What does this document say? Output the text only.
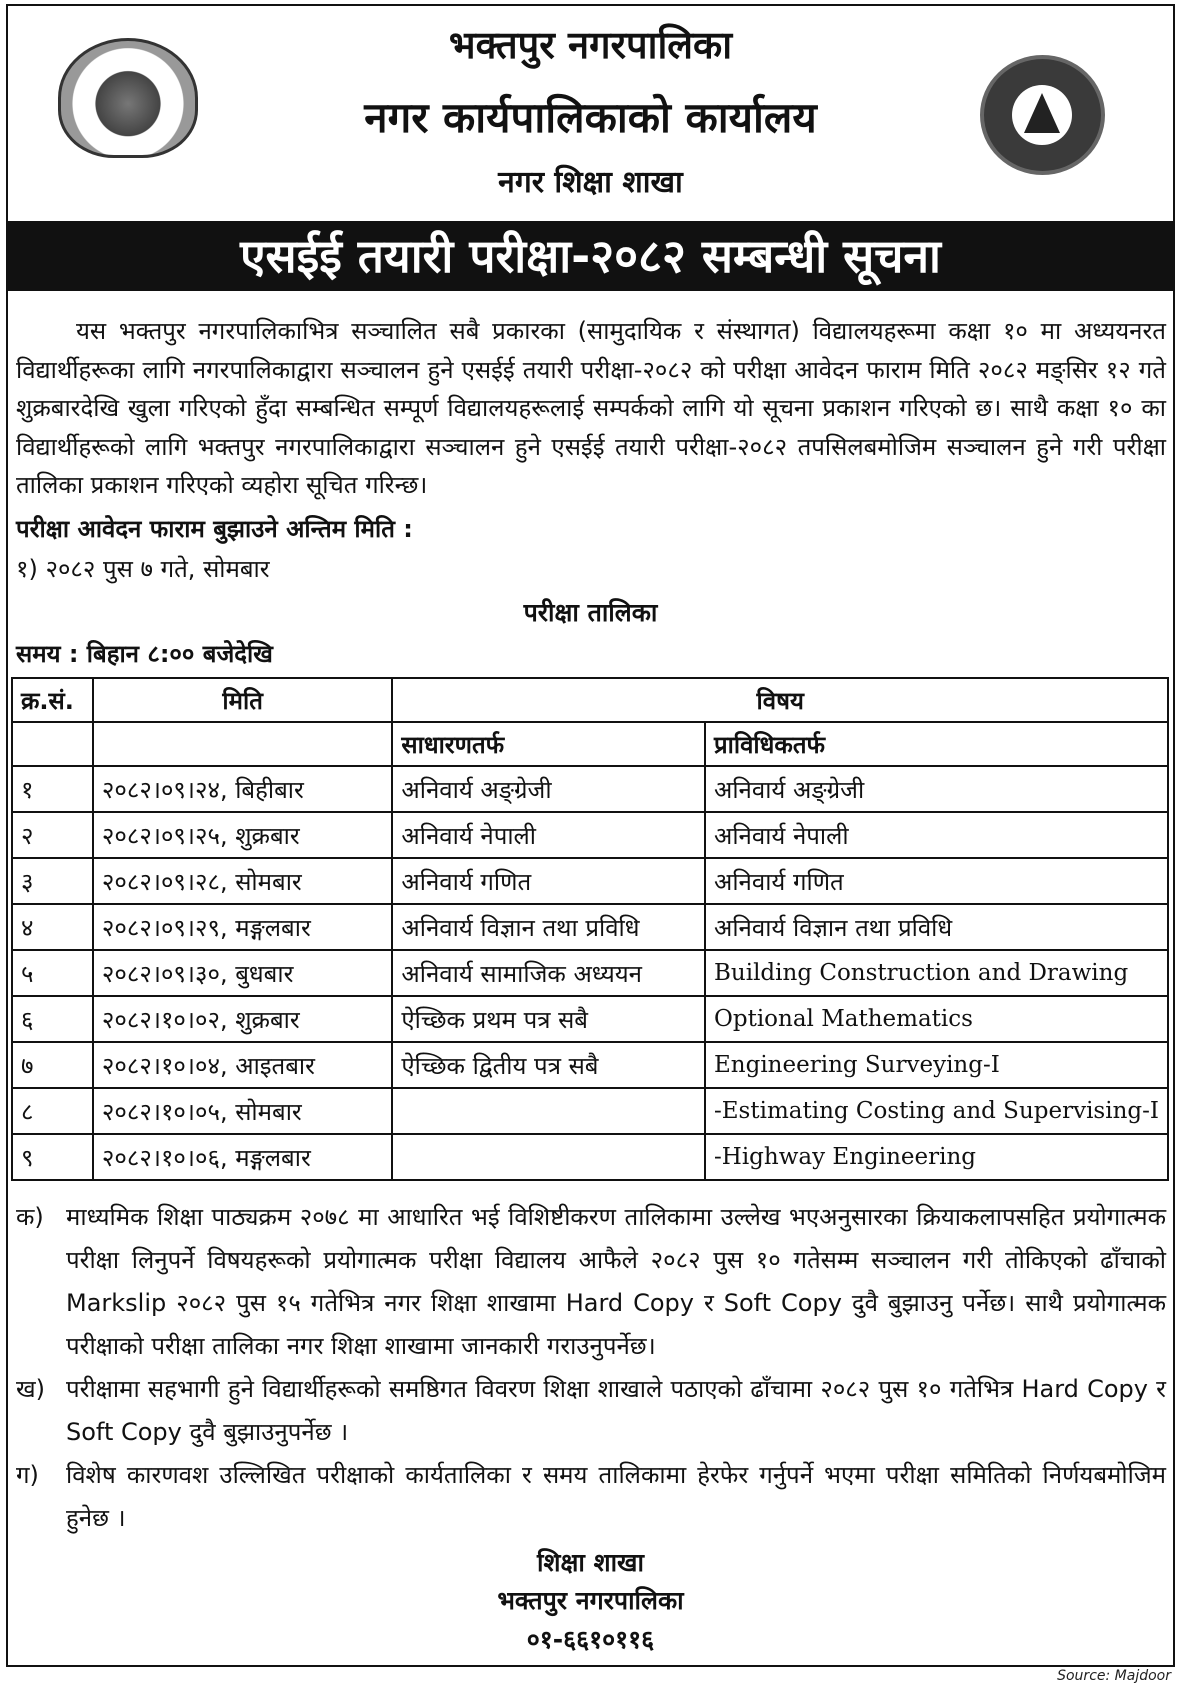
भक्तपुर नगरपालिका
नगर कार्यपालिकाको कार्यालय
नगर शिक्षा शाखा
एसईई तयारी परीक्षा-२०८२ सम्बन्धी सूचना
यस भक्तपुर नगरपालिकाभित्र सञ्चालित सबै प्रकारका (सामुदायिक र संस्थागत) विद्यालयहरूमा कक्षा १० मा अध्ययनरत विद्यार्थीहरूका लागि नगरपालिकाद्वारा सञ्चालन हुने एसईई तयारी परीक्षा-२०८२ को परीक्षा आवेदन फाराम मिति २०८२ मङ्सिर १२ गते शुक्रबारदेखि खुला गरिएको हुँदा सम्बन्धित सम्पूर्ण विद्यालयहरूलाई सम्पर्कको लागि यो सूचना प्रकाशन गरिएको छ। साथै कक्षा १० का विद्यार्थीहरूको लागि भक्तपुर नगरपालिकाद्वारा सञ्चालन हुने एसईई तयारी परीक्षा-२०८२ तपसिलबमोजिम सञ्चालन हुने गरी परीक्षा तालिका प्रकाशन गरिएको व्यहोरा सूचित गरिन्छ।
परीक्षा आवेदन फाराम बुझाउने अन्तिम मिति :
१) २०८२ पुस ७ गते, सोमबार
परीक्षा तालिका
समय : बिहान ८:०० बजेदेखि
क्र.सं.	मिति	विषय	
		साधारणतर्फ	प्राविधिकतर्फ
१	२०८२।०९।२४, बिहीबार	अनिवार्य अङ्ग्रेजी	अनिवार्य अङ्ग्रेजी
२	२०८२।०९।२५, शुक्रबार	अनिवार्य नेपाली	अनिवार्य नेपाली
३	२०८२।०९।२८, सोमबार	अनिवार्य गणित	अनिवार्य गणित
४	२०८२।०९।२९, मङ्गलबार	अनिवार्य विज्ञान तथा प्रविधि	अनिवार्य विज्ञान तथा प्रविधि
५	२०८२।०९।३०, बुधबार	अनिवार्य सामाजिक अध्ययन	Building Construction and Drawing
६	२०८२।१०।०२, शुक्रबार	ऐच्छिक प्रथम पत्र सबै	Optional Mathematics
७	२०८२।१०।०४, आइतबार	ऐच्छिक द्वितीय पत्र सबै	Engineering Surveying-I
८	२०८२।१०।०५, सोमबार		-Estimating Costing and Supervising-I
९	२०८२।१०।०६, मङ्गलबार		-Highway Engineering
क) माध्यमिक शिक्षा पाठ्यक्रम २०७८ मा आधारित भई विशिष्टीकरण तालिकामा उल्लेख भएअनुसारका क्रियाकलापसहित प्रयोगात्मक परीक्षा लिनुपर्ने विषयहरूको प्रयोगात्मक परीक्षा विद्यालय आफैले २०८२ पुस १० गतेसम्म सञ्चालन गरी तोकिएको ढाँचाको Markslip २०८२ पुस १५ गतेभित्र नगर शिक्षा शाखामा Hard Copy र Soft Copy दुवै बुझाउनु पर्नेछ। साथै प्रयोगात्मक परीक्षाको परीक्षा तालिका नगर शिक्षा शाखामा जानकारी गराउनुपर्नेछ।
ख) परीक्षामा सहभागी हुने विद्यार्थीहरूको समष्ठिगत विवरण शिक्षा शाखाले पठाएको ढाँचामा २०८२ पुस १० गतेभित्र Hard Copy र Soft Copy दुवै बुझाउनुपर्नेछ ।
ग)	विशेष कारणवश उल्लिखित परीक्षाको कार्यतालिका र समय तालिकामा हेरफेर गर्नुपर्ने भएमा परीक्षा समितिको निर्णयबमोजिम हुनेछ ।
शिक्षा शाखा
भक्तपुर नगरपालिका
०१-६६१०११६
Source: Majdoor
